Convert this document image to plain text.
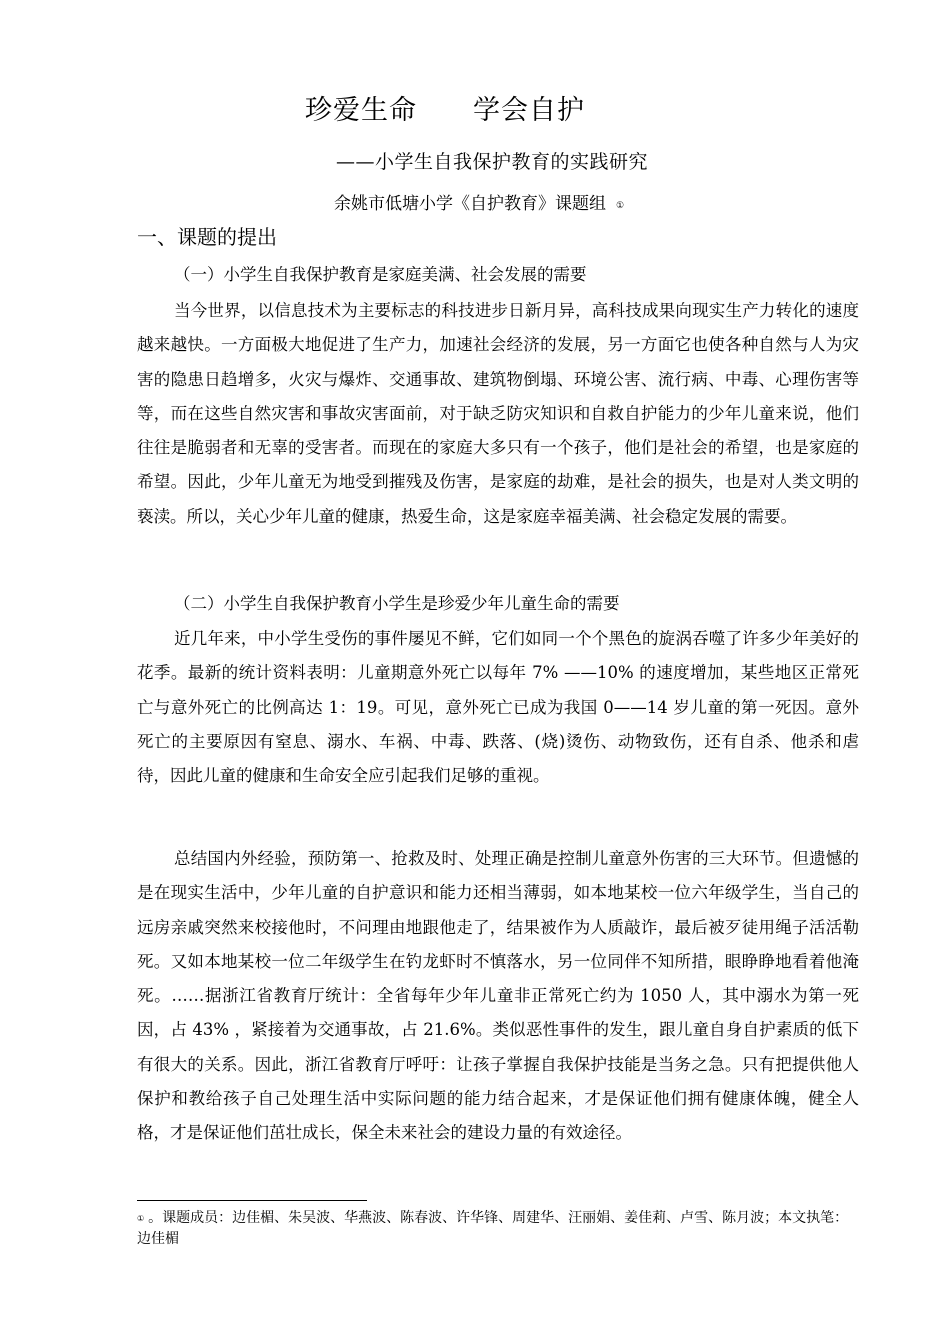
珍爱生命　　学会自护
——小学生自我保护教育的实践研究
余姚市低塘小学《自护教育》课题组 ①
一、课题的提出

（一）小学生自我保护教育是家庭美满、社会发展的需要

当今世界，以信息技术为主要标志的科技进步日新月异，高科技成果向现实生产力转化的速度越来越快。一方面极大地促进了生产力，加速社会经济的发展，另一方面它也使各种自然与人为灾害的隐患日趋增多，火灾与爆炸、交通事故、建筑物倒塌、环境公害、流行病、中毒、心理伤害等等，而在这些自然灾害和事故灾害面前，对于缺乏防灾知识和自救自护能力的少年儿童来说，他们往往是脆弱者和无辜的受害者。而现在的家庭大多只有一个孩子，他们是社会的希望，也是家庭的希望。因此，少年儿童无为地受到摧残及伤害，是家庭的劫难，是社会的损失，也是对人类文明的亵渎。所以，关心少年儿童的健康，热爱生命，这是家庭幸福美满、社会稳定发展的需要。

（二）小学生自我保护教育小学生是珍爱少年儿童生命的需要

近几年来，中小学生受伤的事件屡见不鲜，它们如同一个个黑色的旋涡吞噬了许多少年美好的花季。最新的统计资料表明：儿童期意外死亡以每年 7% ——10% 的速度增加，某些地区正常死亡与意外死亡的比例高达 1：19。可见，意外死亡已成为我国 0——14 岁儿童的第一死因。意外死亡的主要原因有窒息、溺水、车祸、中毒、跌落、(烧)烫伤、动物致伤，还有自杀、他杀和虐待，因此儿童的健康和生命安全应引起我们足够的重视。

总结国内外经验，预防第一、抢救及时、处理正确是控制儿童意外伤害的三大环节。但遗憾的是在现实生活中，少年儿童的自护意识和能力还相当薄弱，如本地某校一位六年级学生，当自己的远房亲戚突然来校接他时，不问理由地跟他走了，结果被作为人质敲诈，最后被歹徒用绳子活活勒死。又如本地某校一位二年级学生在钓龙虾时不慎落水，另一位同伴不知所措，眼睁睁地看着他淹死。……据浙江省教育厅统计：全省每年少年儿童非正常死亡约为 1050 人，其中溺水为第一死因，占 43% ，紧接着为交通事故，占 21.6%。类似恶性事件的发生，跟儿童自身自护素质的低下有很大的关系。因此，浙江省教育厅呼吁：让孩子掌握自我保护技能是当务之急。只有把提供他人保护和教给孩子自己处理生活中实际问题的能力结合起来，才是保证他们拥有健康体魄，健全人格，才是保证他们茁壮成长，保全未来社会的建设力量的有效途径。

① 。课题成员：边佳楣、朱吴波、华燕波、陈春波、许华锋、周建华、汪丽娟、姜佳莉、卢雪、陈月波；本文执笔：边佳楣
